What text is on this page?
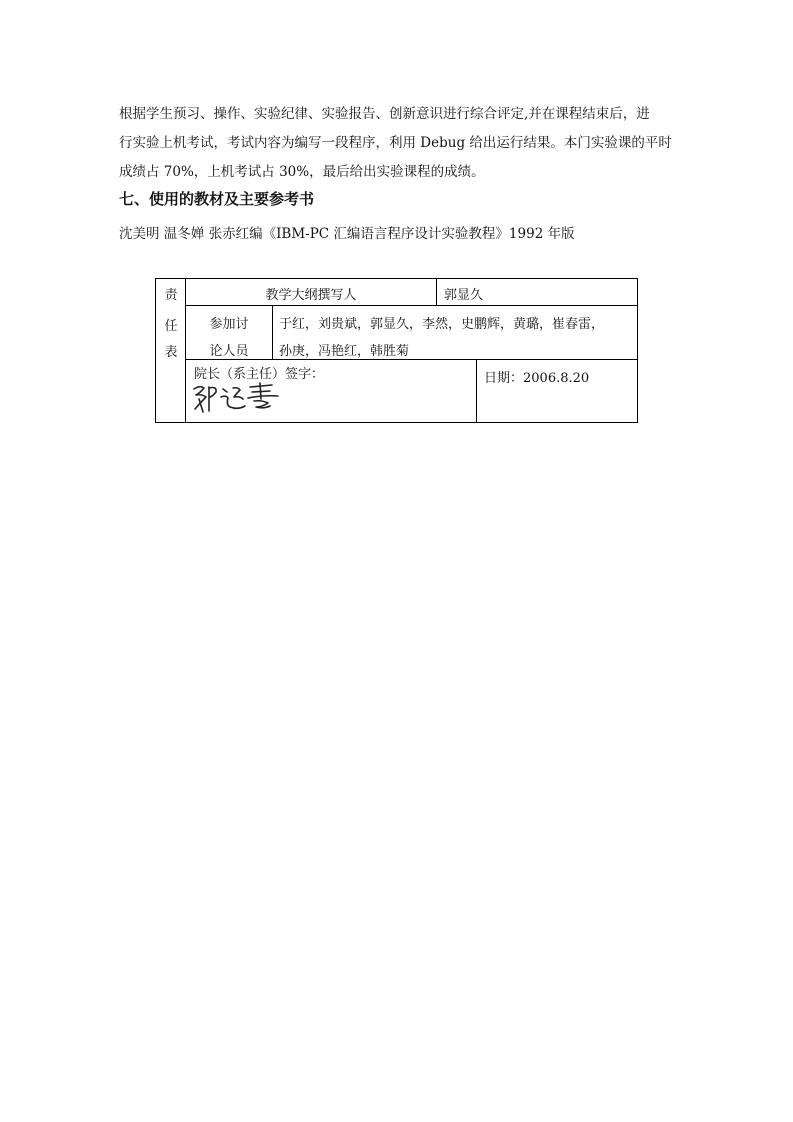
根据学生预习、操作、实验纪律、实验报告、创新意识进行综合评定,并在课程结束后，进
行实验上机考试，考试内容为编写一段程序，利用 Debug 给出运行结果。本门实验课的平时
成绩占 70%，上机考试占 30%，最后给出实验课程的成绩。
七、使用的教材及主要参考书
沈美明 温冬婵 张赤红编《IBM-PC 汇编语言程序设计实验教程》1992 年版
责
任
表
教学大纲撰写人	郭显久
参加讨
论人员
于红，刘贵斌，郭显久，李然，史鹏辉，黄璐，崔春雷，
孙庚，冯艳红，韩胜菊
院长（系主任）签字：	日期：2006.8.20
